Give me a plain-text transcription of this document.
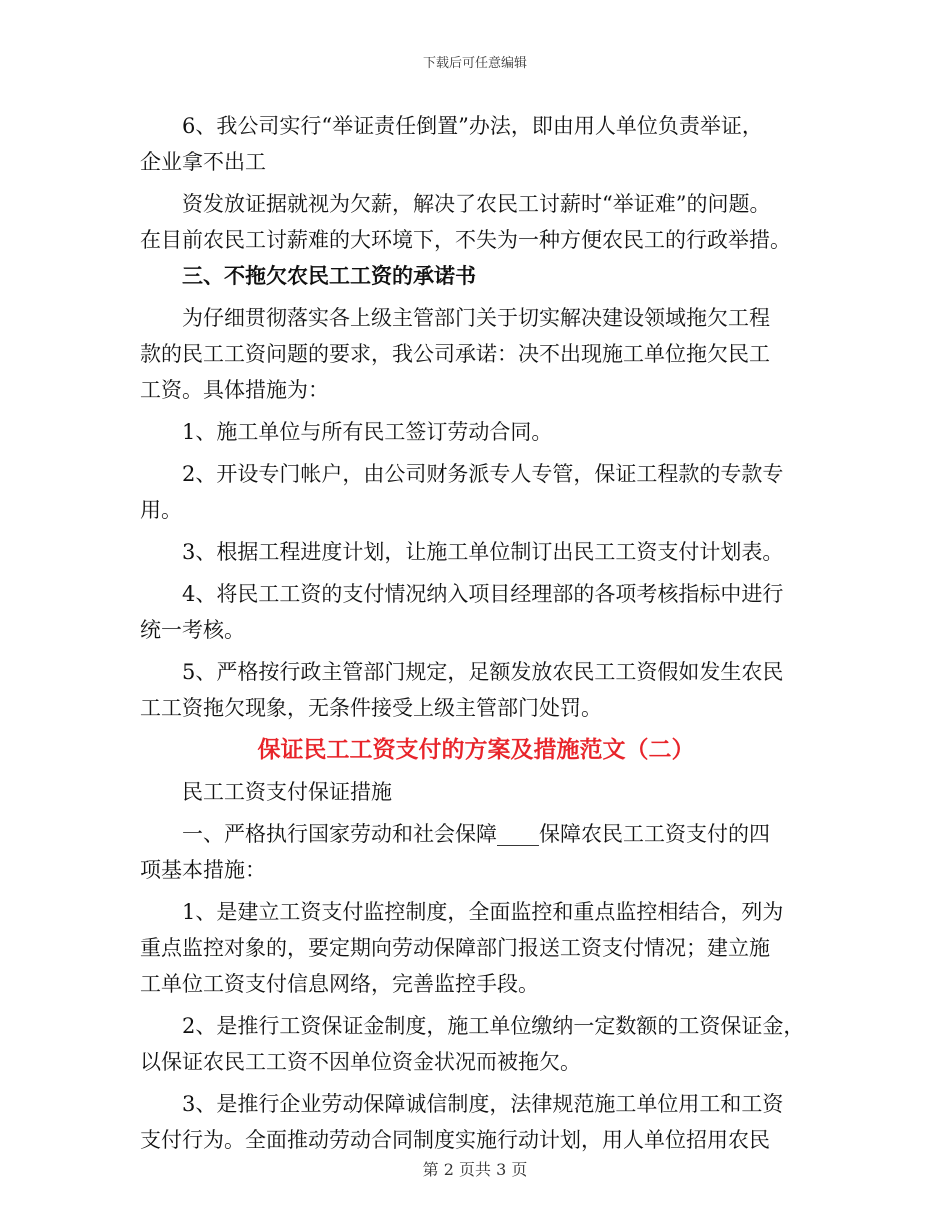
下载后可任意编辑
6、我公司实行“举证责任倒置”办法，即由用人单位负责举证，
企业拿不出工
资发放证据就视为欠薪，解决了农民工讨薪时“举证难”的问题。
在目前农民工讨薪难的大环境下，不失为一种方便农民工的行政举措。
三、不拖欠农民工工资的承诺书
为仔细贯彻落实各上级主管部门关于切实解决建设领域拖欠工程
款的民工工资问题的要求，我公司承诺：决不出现施工单位拖欠民工
工资。具体措施为：
1、施工单位与所有民工签订劳动合同。
2、开设专门帐户，由公司财务派专人专管，保证工程款的专款专
用。
3、根据工程进度计划，让施工单位制订出民工工资支付计划表。
4、将民工工资的支付情况纳入项目经理部的各项考核指标中进行
统一考核。
5、严格按行政主管部门规定，足额发放农民工工资假如发生农民
工工资拖欠现象，无条件接受上级主管部门处罚。
保证民工工资支付的方案及措施范文（二）
民工工资支付保证措施
一、严格执行国家劳动和社会保障____保障农民工工资支付的四
项基本措施：
1、是建立工资支付监控制度，全面监控和重点监控相结合，列为
重点监控对象的，要定期向劳动保障部门报送工资支付情况；建立施
工单位工资支付信息网络，完善监控手段。
2、是推行工资保证金制度，施工单位缴纳一定数额的工资保证金，
以保证农民工工资不因单位资金状况而被拖欠。
3、是推行企业劳动保障诚信制度，法律规范施工单位用工和工资
支付行为。全面推动劳动合同制度实施行动计划，用人单位招用农民
第 2 页共 3 页
